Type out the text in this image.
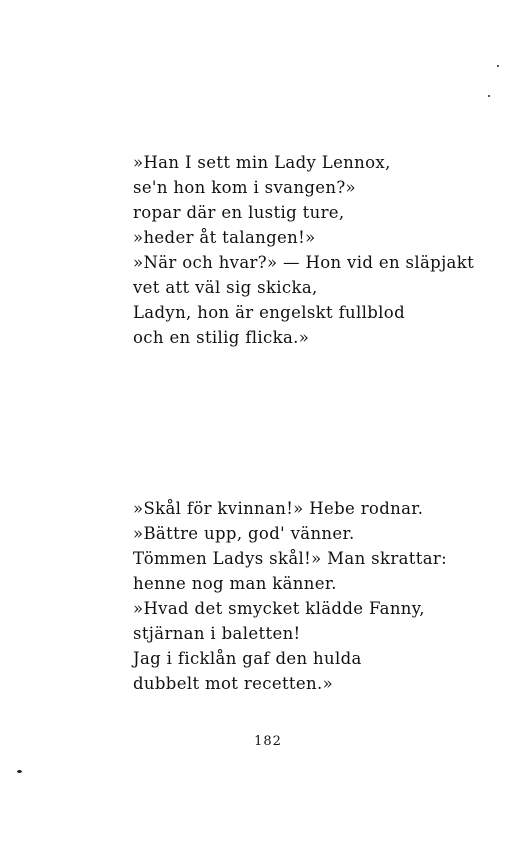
»Han I sett min Lady Lennox,
se'n hon kom i svangen?»
ropar där en lustig ture,
»heder åt talangen!»
»När och hvar?» — Hon vid en släpjakt
vet att väl sig skicka,
Ladyn, hon är engelskt fullblod
och en stilig flicka.»
»Skål för kvinnan!» Hebe rodnar.
»Bättre upp, god' vänner.
Tömmen Ladys skål!» Man skrattar:
henne nog man känner.
»Hvad det smycket klädde Fanny,
stjärnan i baletten!
Jag i ficklån gaf den hulda
dubbelt mot recetten.»
182
